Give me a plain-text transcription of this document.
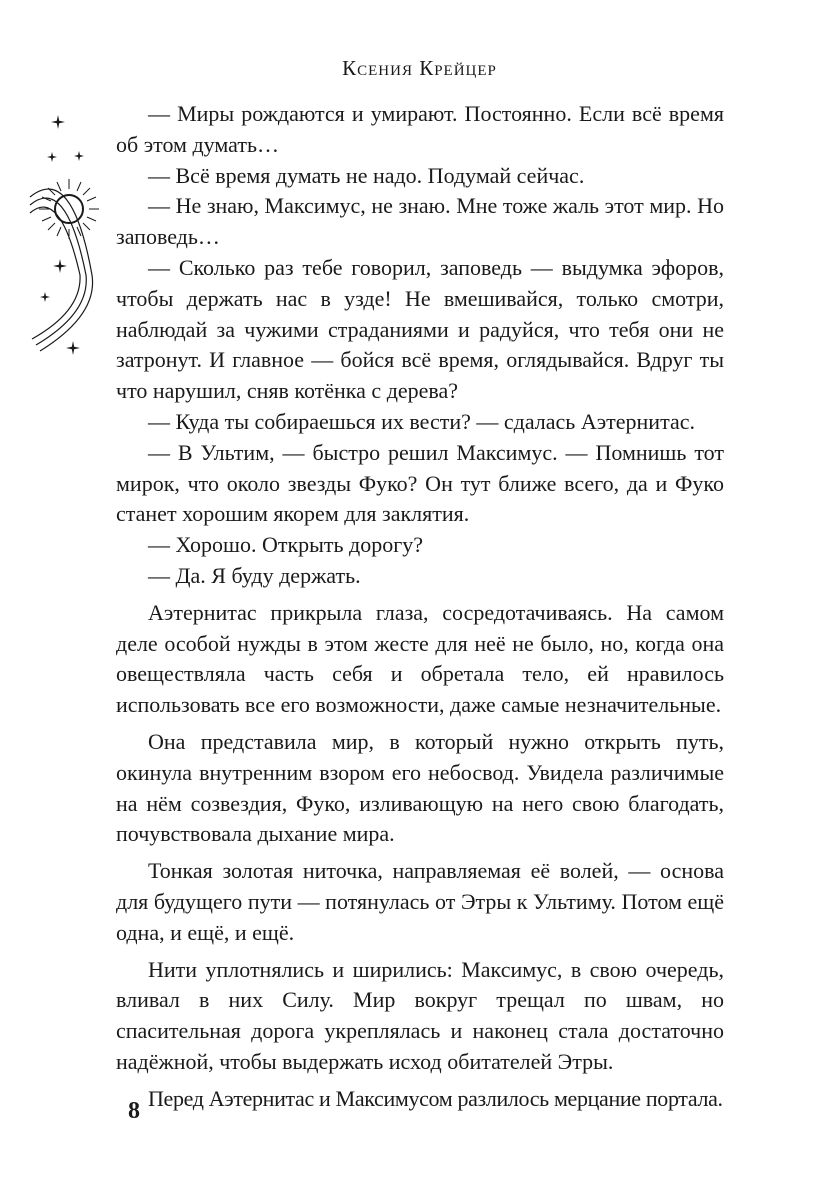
Ксения Крейцер

— Миры рождаются и умирают. Постоянно. Если всё время об этом думать…

— Всё время думать не надо. Подумай сейчас.

— Не знаю, Максимус, не знаю. Мне тоже жаль этот мир. Но заповедь…

— Сколько раз тебе говорил, заповедь — выдумка эфоров, чтобы держать нас в узде! Не вмешивайся, только смотри, наблюдай за чужими страданиями и радуйся, что тебя они не затронут. И главное — бойся всё время, оглядывайся. Вдруг ты что нарушил, сняв котёнка с дерева?

— Куда ты собираешься их вести? — сдалась Аэтернитас.

— В Ультим, — быстро решил Максимус. — Помнишь тот мирок, что около звезды Фуко? Он тут ближе всего, да и Фуко станет хорошим якорем для заклятия.

— Хорошо. Открыть дорогу?

— Да. Я буду держать.

Аэтернитас прикрыла глаза, сосредотачиваясь. На самом деле особой нужды в этом жесте для неё не было, но, когда она овеществляла часть себя и обретала тело, ей нравилось использовать все его возможности, даже самые незначительные.

Она представила мир, в который нужно открыть путь, окинула внутренним взором его небосвод. Увидела различимые на нём созвездия, Фуко, изливающую на него свою благодать, почувствовала дыхание мира.

Тонкая золотая ниточка, направляемая её волей, — основа для будущего пути — потянулась от Этры к Ультиму. Потом ещё одна, и ещё, и ещё.

Нити уплотнялись и ширились: Максимус, в свою очередь, вливал в них Силу. Мир вокруг трещал по швам, но спасительная дорога укреплялась и наконец стала достаточно надёжной, чтобы выдержать исход обитателей Этры.

Перед Аэтернитас и Максимусом разлилось мерцание портала.

8
